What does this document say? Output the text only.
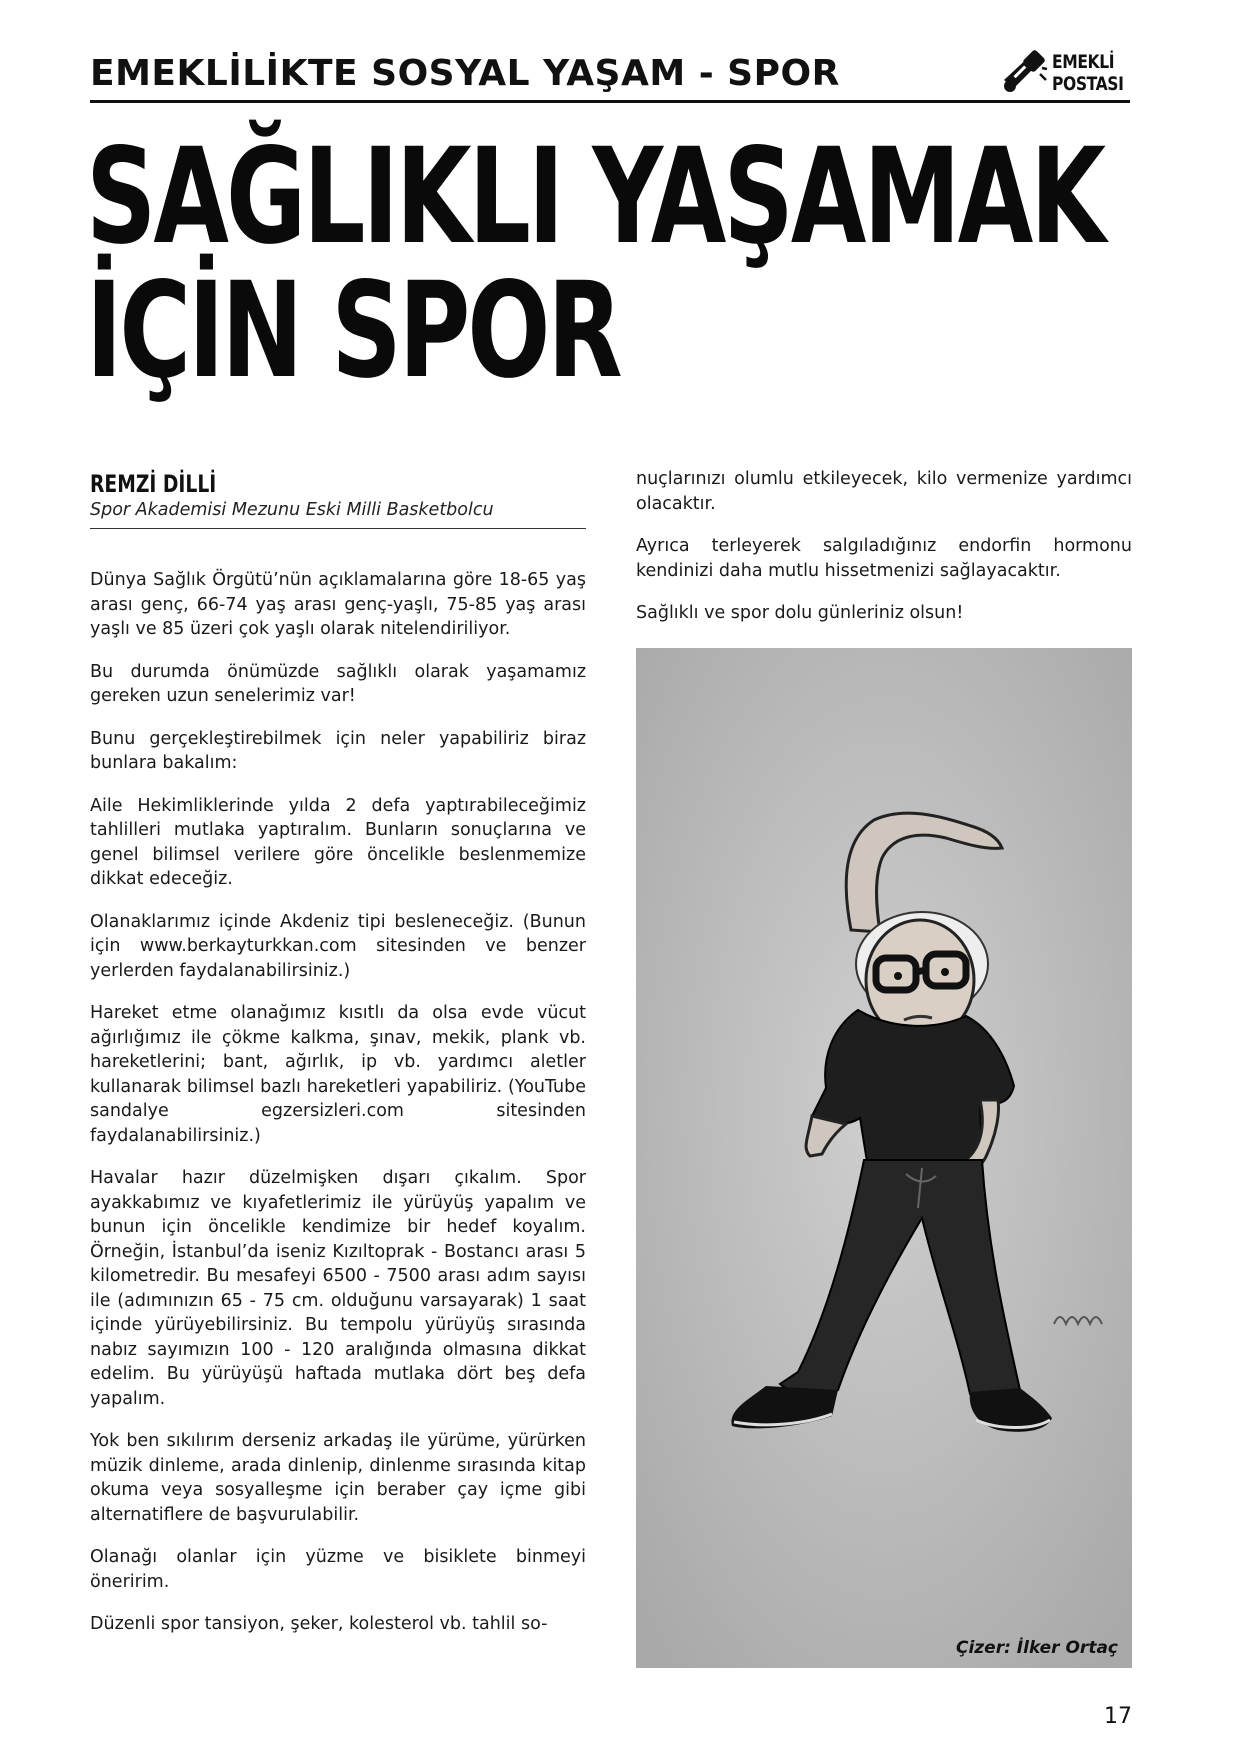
EMEKLİLİKTE SOSYAL YAŞAM - SPOR	EMEKLİ
POSTASI
SAĞLIKLI YAŞAMAK
İÇİN SPOR
REMZİ DİLLİ
Spor Akademisi Mezunu Eski Milli Basketbolcu

Dünya Sağlık Örgütü’nün açıklamalarına göre 18-65 yaş arası genç, 66-74 yaş arası genç-yaşlı, 75-85 yaş arası yaşlı ve 85 üzeri çok yaşlı olarak nitelendiriliyor.

Bu durumda önümüzde sağlıklı olarak yaşamamız gereken uzun senelerimiz var!

Bunu gerçekleştirebilmek için neler yapabiliriz biraz bunlara bakalım:

Aile Hekimliklerinde yılda 2 defa yaptırabileceğimiz tahlilleri mutlaka yaptıralım. Bunların sonuçlarına ve genel bilimsel verilere göre öncelikle beslenmemize dikkat edeceğiz.

Olanaklarımız içinde Akdeniz tipi besleneceğiz. (Bunun için www.berkayturkkan.com sitesinden ve benzer yerlerden faydalanabilirsiniz.)

Hareket etme olanağımız kısıtlı da olsa evde vücut ağırlığımız ile çökme kalkma, şınav, mekik, plank vb. hareketlerini; bant, ağırlık, ip vb. yardımcı aletler kullanarak bilimsel bazlı hareketleri yapabiliriz. (YouTube sandalye egzersizleri.com sitesinden faydalanabilirsiniz.)

Havalar hazır düzelmişken dışarı çıkalım. Spor ayakkabımız ve kıyafetlerimiz ile yürüyüş yapalım ve bunun için öncelikle kendimize bir hedef koyalım. Örneğin, İstanbul’da iseniz Kızıltoprak - Bostancı arası 5 kilometredir. Bu mesafeyi 6500 - 7500 arası adım sayısı ile (adımınızın 65 - 75 cm. olduğunu varsayarak) 1 saat içinde yürüyebilirsiniz. Bu tempolu yürüyüş sırasında nabız sayımızın 100 - 120 aralığında olmasına dikkat edelim. Bu yürüyüşü haftada mutlaka dört beş defa yapalım.

Yok ben sıkılırım derseniz arkadaş ile yürüme, yürürken müzik dinleme, arada dinlenip, dinlenme sırasında kitap okuma veya sosyalleşme için beraber çay içme gibi alternatiflere de başvurulabilir.

Olanağı olanlar için yüzme ve bisiklete binmeyi öneririm.

Düzenli spor tansiyon, şeker, kolesterol vb. tahlil so-

nuçlarınızı olumlu etkileyecek, kilo vermenize yardımcı olacaktır.

Ayrıca terleyerek salgıladığınız endorfin hormonu kendinizi daha mutlu hissetmenizi sağlayacaktır.

Sağlıklı ve spor dolu günleriniz olsun!

Çizer: İlker Ortaç
17
